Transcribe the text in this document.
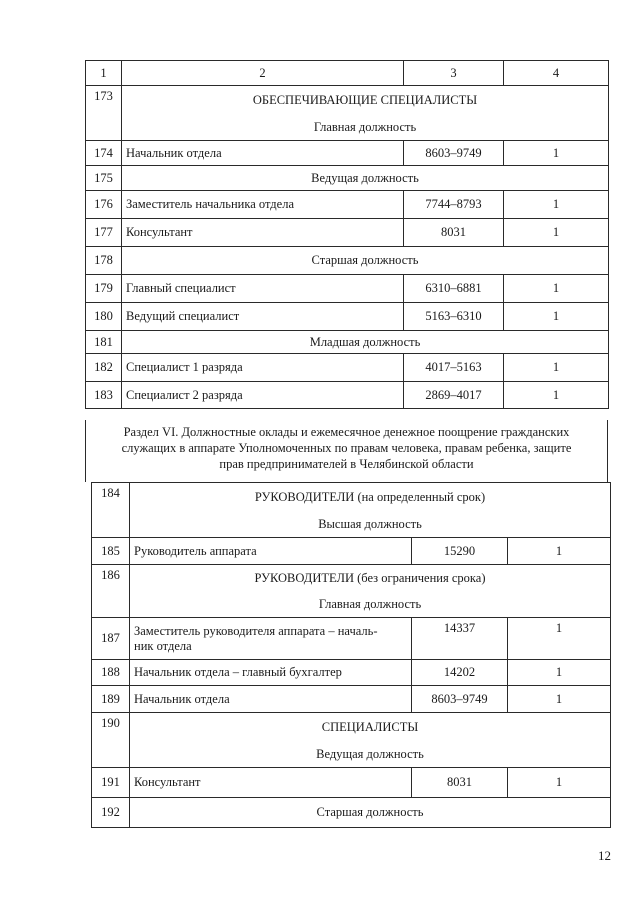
1	2	3	4
173	ОБЕСПЕЧИВАЮЩИЕ СПЕЦИАЛИСТЫ
Главная должность		

174	Начальник отдела	8603–9749	1
175	Ведущая должность		
176	Заместитель начальника отдела	7744–8793	1
177	Консультант	8031	1
178	Старшая должность		
179	Главный специалист	6310–6881	1
180	Ведущий специалист	5163–6310	1
181	Младшая должность		
182	Специалист 1 разряда	4017–5163	1
183	Специалист 2 разряда	2869–4017	1
Раздел VI. Должностные оклады и ежемесячное денежное поощрение гражданских
служащих в аппарате Уполномоченных по правам человека, правам ребенка, защите
прав предпринимателей в Челябинской области
184	РУКОВОДИТЕЛИ (на определенный срок)
Высшая должность		

185	Руководитель аппарата	15290	1
186	РУКОВОДИТЕЛИ (без ограничения срока)
Главная должность		

187	Заместитель руководителя аппарата – началь-
ник отдела	14337	1
188	Начальник отдела – главный бухгалтер	14202	1
189	Начальник отдела	8603–9749	1
190	СПЕЦИАЛИСТЫ
Ведущая должность		

191	Консультант	8031	1
192	Старшая должность		
12
